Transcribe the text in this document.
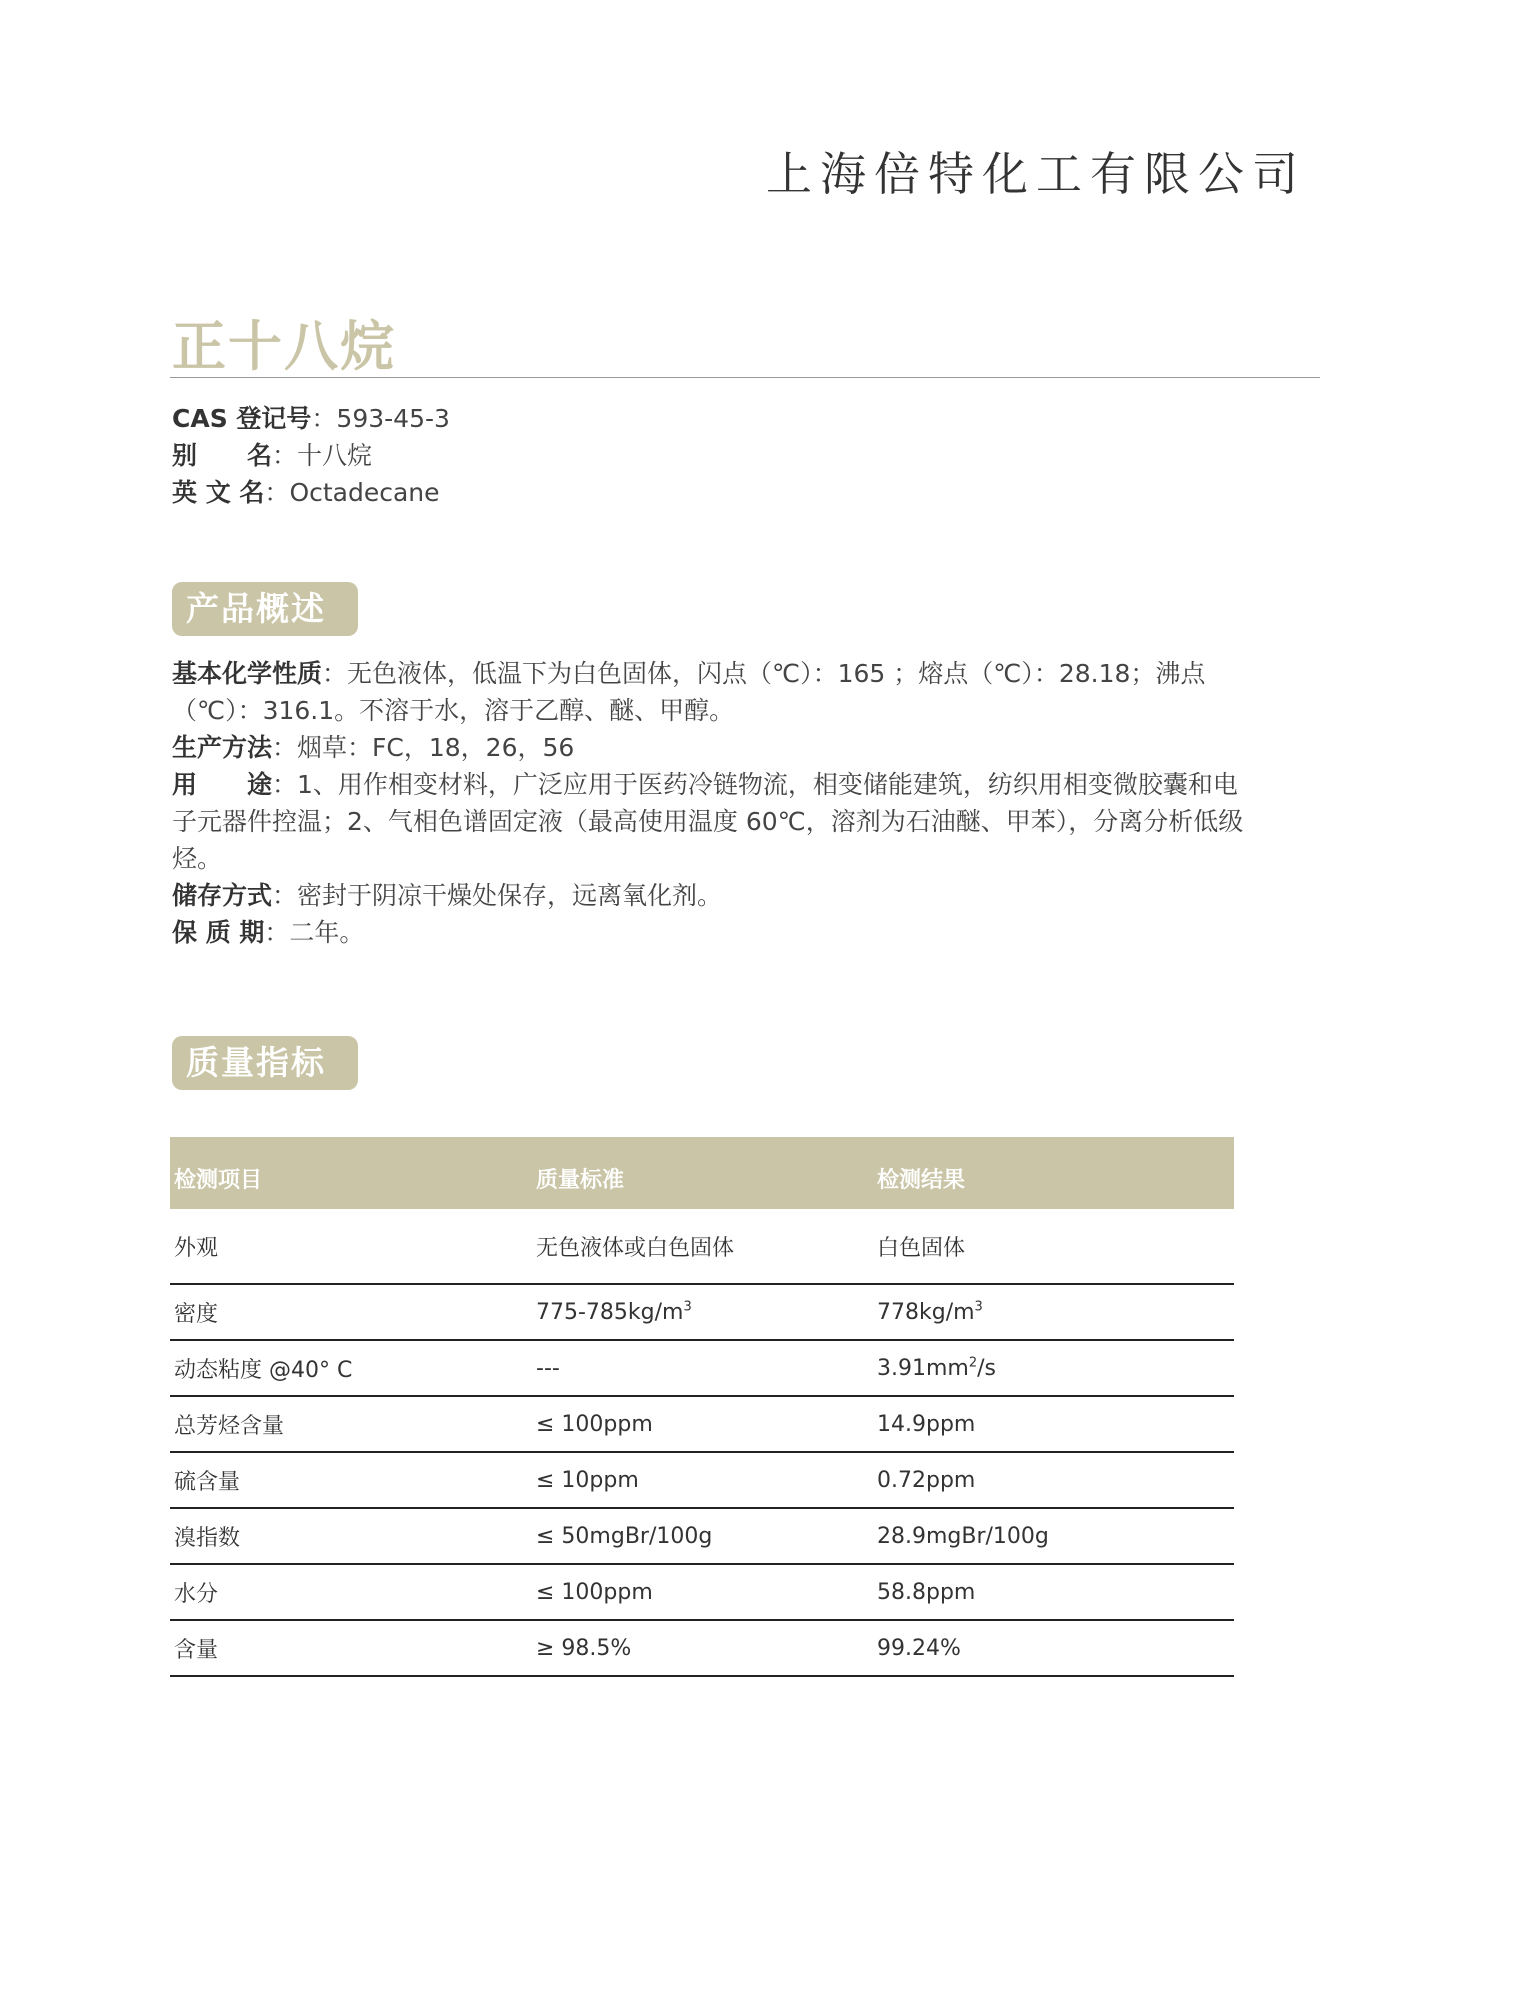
上海倍特化工有限公司
正十八烷
CAS 登记号：593-45-3
别　　名：十八烷
英 文 名：Octadecane
产品概述

基本化学性质：无色液体，低温下为白色固体，闪点（℃）：165 ；熔点（℃）：28.18；沸点（℃）：316.1。不溶于水，溶于乙醇、醚、甲醇。

生产方法：烟草：FC，18，26，56

用　　途：1、用作相变材料，广泛应用于医药冷链物流，相变储能建筑，纺织用相变微胶囊和电子元器件控温；2、气相色谱固定液（最高使用温度 60℃，溶剂为石油醚、甲苯），分离分析低级烃。

储存方式：密封于阴凉干燥处保存，远离氧化剂。

保 质 期：二年。

质量指标
检测项目	质量标准	检测结果
外观	无色液体或白色固体	白色固体
密度	$775-785kg/m^3$	$778kg/m^3$
动态粘度 @40° C	---	$3.91mm^2/s$
总芳烃含量	≤ 100ppm	14.9ppm
硫含量	≤ 10ppm	0.72ppm
溴指数	≤ 50mgBr/100g	28.9mgBr/100g
水分	≤ 100ppm	58.8ppm
含量	≥ 98.5%	99.24%
